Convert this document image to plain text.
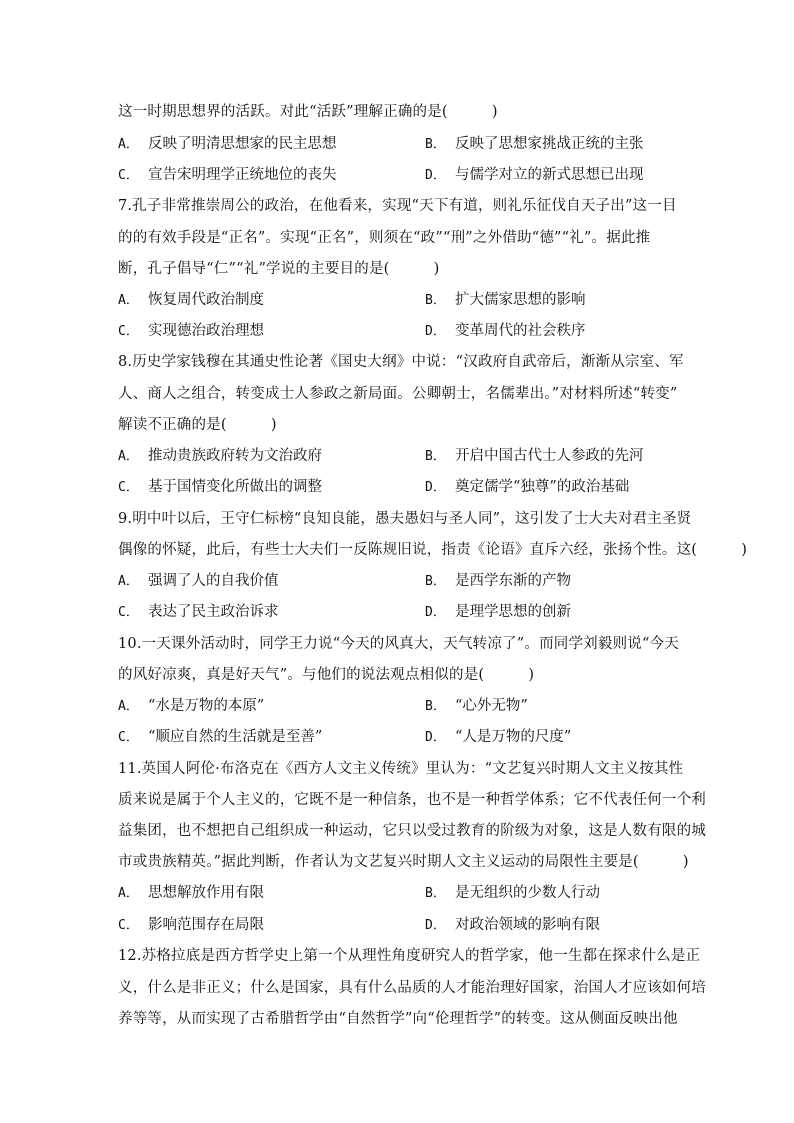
这一时期思想界的活跃。对此“活跃”理解正确的是(　　　)
A． 反映了明清思想家的民主思想	B． 反映了思想家挑战正统的主张
C． 宣告宋明理学正统地位的丧失	D． 与儒学对立的新式思想已出现
7.孔子非常推崇周公的政治，在他看来，实现“天下有道，则礼乐征伐自天子出”这一目
的的有效手段是“正名”。实现“正名”，则须在“政”“刑”之外借助“德”“礼”。据此推
断，孔子倡导“仁”“礼”学说的主要目的是(　　　)
A． 恢复周代政治制度	B． 扩大儒家思想的影响
C． 实现德治政治理想	D． 变革周代的社会秩序
8.历史学家钱穆在其通史性论著《国史大纲》中说：“汉政府自武帝后，渐渐从宗室、军
人、商人之组合，转变成士人参政之新局面。公卿朝士，名儒辈出。”对材料所述“转变”
解读不正确的是(　　　)
A． 推动贵族政府转为文治政府	B． 开启中国古代士人参政的先河
C． 基于国情变化所做出的调整	D． 奠定儒学“独尊”的政治基础
9.明中叶以后，王守仁标榜“良知良能，愚夫愚妇与圣人同”，这引发了士大夫对君主圣贤
偶像的怀疑，此后，有些士大夫们一反陈规旧说，指责《论语》直斥六经，张扬个性。这(　　　)
A． 强调了人的自我价值	B． 是西学东渐的产物
C． 表达了民主政治诉求	D． 是理学思想的创新
10.一天课外活动时，同学王力说“今天的风真大，天气转凉了”。而同学刘毅则说“今天
的风好凉爽，真是好天气”。与他们的说法观点相似的是(　　　)
A． “水是万物的本原”	B． “心外无物”
C． “顺应自然的生活就是至善”	D． “人是万物的尺度”
11.英国人阿伦·布洛克在《西方人文主义传统》里认为：“文艺复兴时期人文主义按其性
质来说是属于个人主义的，它既不是一种信条，也不是一种哲学体系；它不代表任何一个利
益集团，也不想把自己组织成一种运动，它只以受过教育的阶级为对象，这是人数有限的城
市或贵族精英。”据此判断，作者认为文艺复兴时期人文主义运动的局限性主要是(　　　)
A． 思想解放作用有限	B． 是无组织的少数人行动
C． 影响范围存在局限	D． 对政治领域的影响有限
12.苏格拉底是西方哲学史上第一个从理性角度研究人的哲学家，他一生都在探求什么是正
义，什么是非正义；什么是国家，具有什么品质的人才能治理好国家，治国人才应该如何培
养等等，从而实现了古希腊哲学由“自然哲学”向“伦理哲学”的转变。这从侧面反映出他
